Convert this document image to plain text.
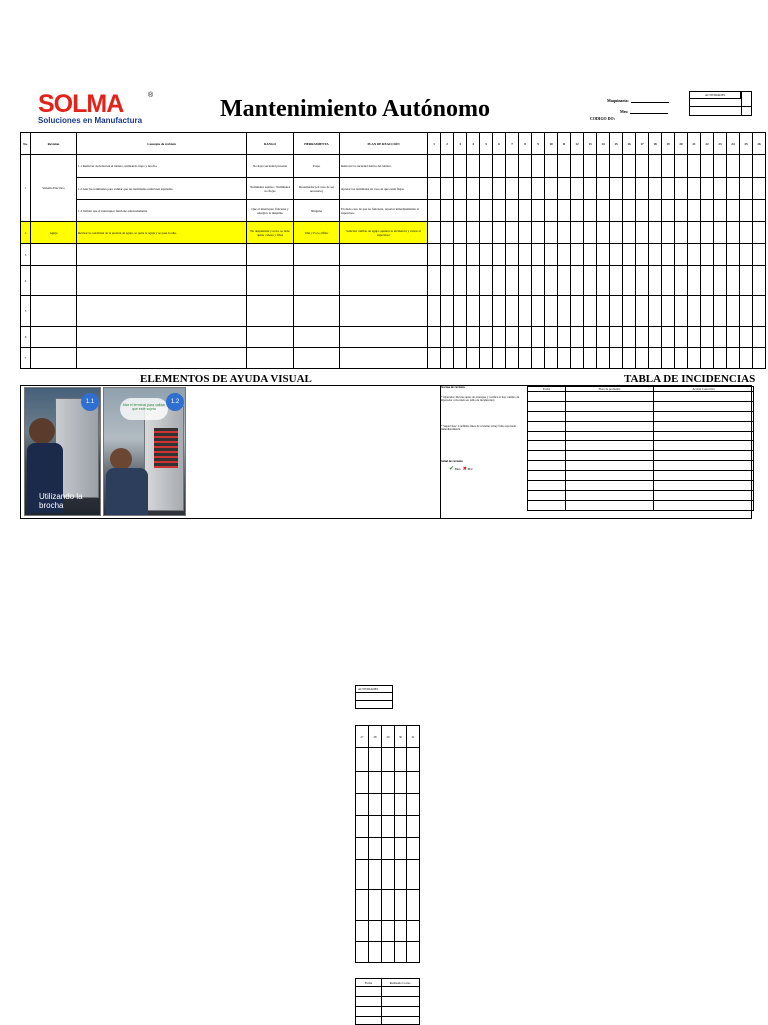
SOLMA	®
Soluciones en Manufactura	Mantenimiento Autónomo	Maquinaria:
Mes:
CODIGO DO:
ACTIVIDADES
No.	Revisión	Concepto de revisión	RANGO	HERRAMIENTA	PLAN DE REACCIÓN	1	2	3	4	5	6	7	8	9	10	11	12	13	14	15	16	17	18	19	20	21	22	23	24	25	26
1	Sistema Eléctrico	1.1 Remover suciedad en el tablero, utilizando trapo y brocha.	No haya suciedad presente	Trapo	Remover la suciedad dentro del tablero.																										
		1.2 Atar las terminales para validar que las terminales estén bien sujetadas.	Terminales sujetas / Terminales no flojas	Desarmador (en caso de ser necesario)	Apretar las terminales en caso de que estén flojas																										
		1.3 Validar que el interruptor funcione adecuadamente	Que el interruptor funcione y energice la máquina	Ninguna	En dado caso de que no funcione, reportar inmediatamente al supervisor.																										
2	Aguja	Revisar la condición de la presión de aguja, se quite la aguja y se pase la uña.	No despuntada y recta, se debe quitar cabeza y fibra	Uña y Foco alfiler	Solicitar cambio de aguja, apuntar la incidencia y avisar al supervisor																										
3																															
4																															
5																															
6																															
7																															
ELEMENTOS DE AYUDA VISUAL	TABLA DE INCIDENCIAS
1.1
Utilizando la brocha
Atar el terminal para validar que esté sujeta
1.2
Norma de revisión
* Operador: Revisa antes de arranque y verifica si hay cambio de Operador colocando en tabla de incidencias)
* Supervisor: Confirma línea de revisión si hay falla reportada inmediatamente
Señal de revisión
✔ Bien ✖ Mal
Fecha	Hora de problema	Acción Correctiva

ACTIVIDADES
27	28	29	30	31

Fecha	Realizado Correc.
